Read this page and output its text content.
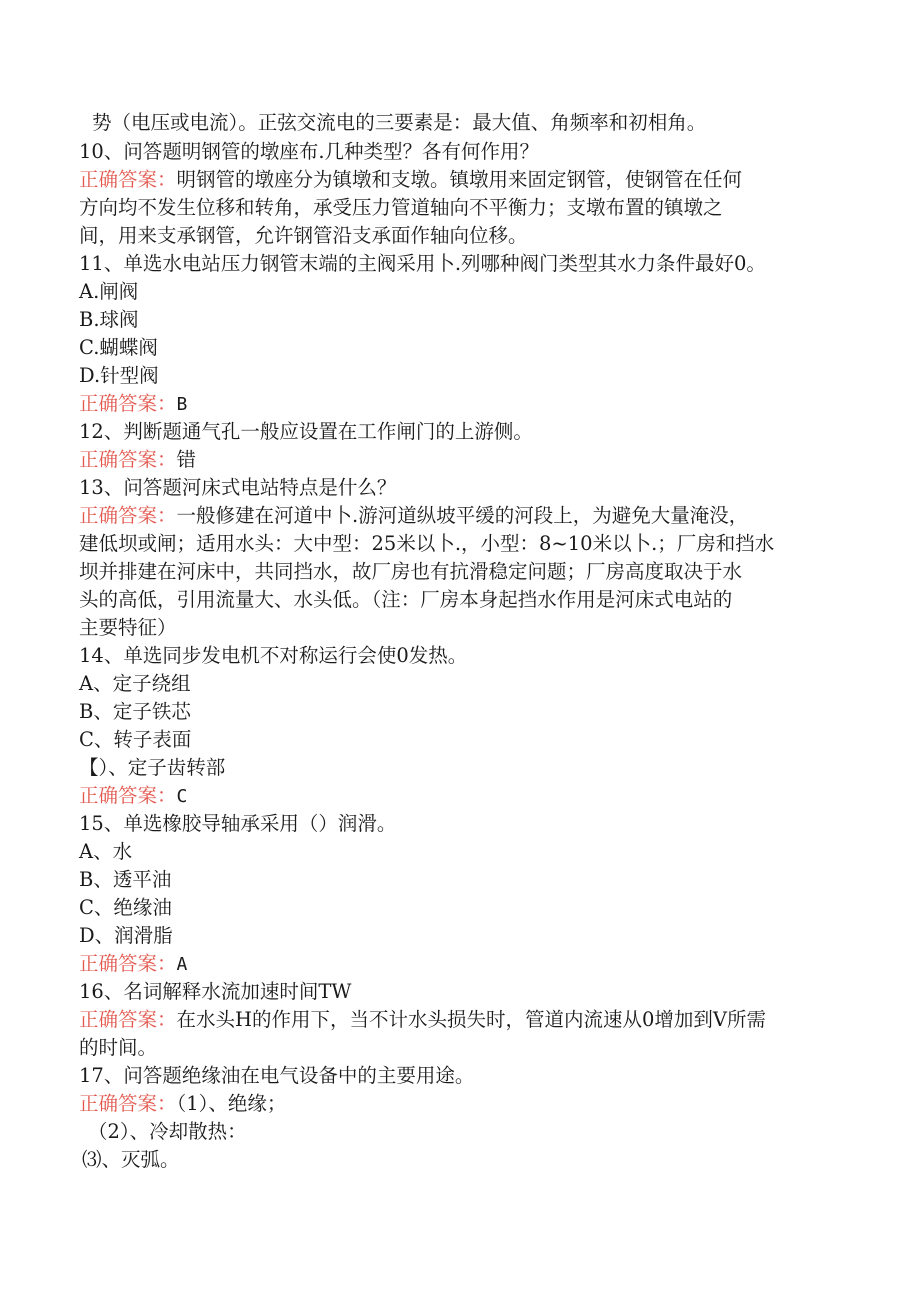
势（电压或电流）。正弦交流电的三要素是：最大值、角频率和初相角。
10、问答题明钢管的墩座布.几种类型？各有何作用？
正确答案：明钢管的墩座分为镇墩和支墩。镇墩用来固定钢管，使钢管在任何
方向均不发生位移和转角，承受压力管道轴向不平衡力；支墩布置的镇墩之
间，用来支承钢管，允许钢管沿支承面作轴向位移。
11、单选水电站压力钢管末端的主阀采用卜.列哪种阀门类型其水力条件最好0。
A.闸阀
B.球阀
C.蝴蝶阀
D.针型阀
正确答案：B
12、判断题通气孔一般应设置在工作闸门的上游侧。
正确答案：错
13、问答题河床式电站特点是什么？
正确答案：一般修建在河道中卜.游河道纵坡平缓的河段上，为避免大量淹没，
建低坝或闸；适用水头：大中型：25米以卜.，小型：8~10米以卜.；厂房和挡水
坝并排建在河床中，共同挡水，故厂房也有抗滑稳定问题；厂房高度取决于水
头的高低，引用流量大、水头低。（注：厂房本身起挡水作用是河床式电站的
主要特征）
14、单选同步发电机不对称运行会使0发热。
A、定子绕组
B、定子铁芯
C、转子表面
【）、定子齿转部
正确答案：C
15、单选橡胶导轴承采用（）润滑。
A、水
B、透平油
C、绝缘油
D、润滑脂
正确答案：A
16、名词解释水流加速时间TW
正确答案：在水头H的作用下，当不计水头损失时，管道内流速从0增加到V所需
的时间。
17、问答题绝缘油在电气设备中的主要用途。
正确答案：（1）、绝缘；
（2）、冷却散热：
⑶、灭弧。
